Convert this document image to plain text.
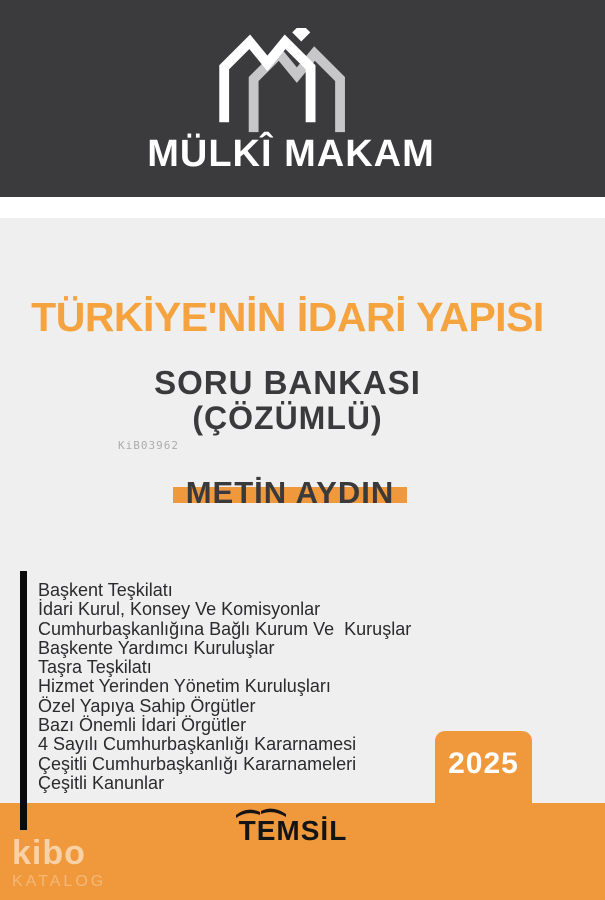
MÜLKÎ MAKAM
TÜRKİYE'NİN İDARİ YAPISI
SORU BANKASI
(ÇÖZÜMLÜ)
KiB03962
METİN AYDIN
Başkent Teşkilatı
İdari Kurul, Konsey Ve Komisyonlar
Cumhurbaşkanlığına Bağlı Kurum Ve  Kuruşlar
Başkente Yardımcı Kuruluşlar
Taşra Teşkilatı
Hizmet Yerinden Yönetim Kuruluşları
Özel Yapıya Sahip Örgütler
Bazı Önemli İdari Örgütler
4 Sayılı Cumhurbaşkanlığı Kararnamesi
Çeşitli Cumhurbaşkanlığı Kararnameleri
Çeşitli Kanunlar
2025
TEMSİL
kibo
KATALOG
